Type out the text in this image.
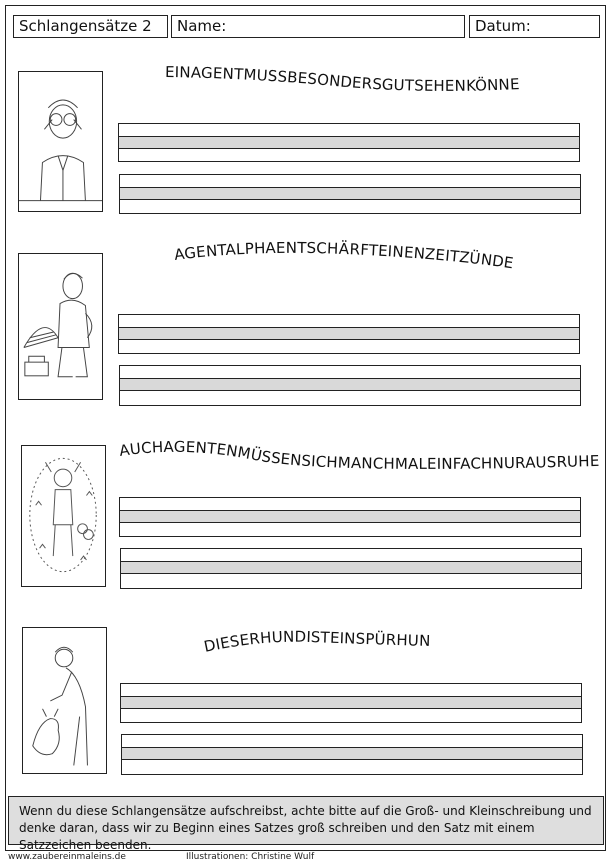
Schlangensätze 2	Name:	Datum:
EINAGENTMUSSBESONDERSGUTSEHENKÖNNEN.
AGENTALPHAENTSCHÄRFTEINENZEITZÜNDER.
AUCHAGENTENMÜSSENSICHMANCHMALEINFACHNURAUSRUHEN
DIESERHUNDISTEINSPÜRHUND.
Wenn du diese Schlangensätze aufschreibst, achte bitte auf die Groß- und Kleinschreibung und denke daran, dass wir zu Beginn eines Satzes groß schreiben und den Satz mit einem Satzzeichen beenden.
www.zaubereinmaleins.de	Illustrationen: Christine Wulf
